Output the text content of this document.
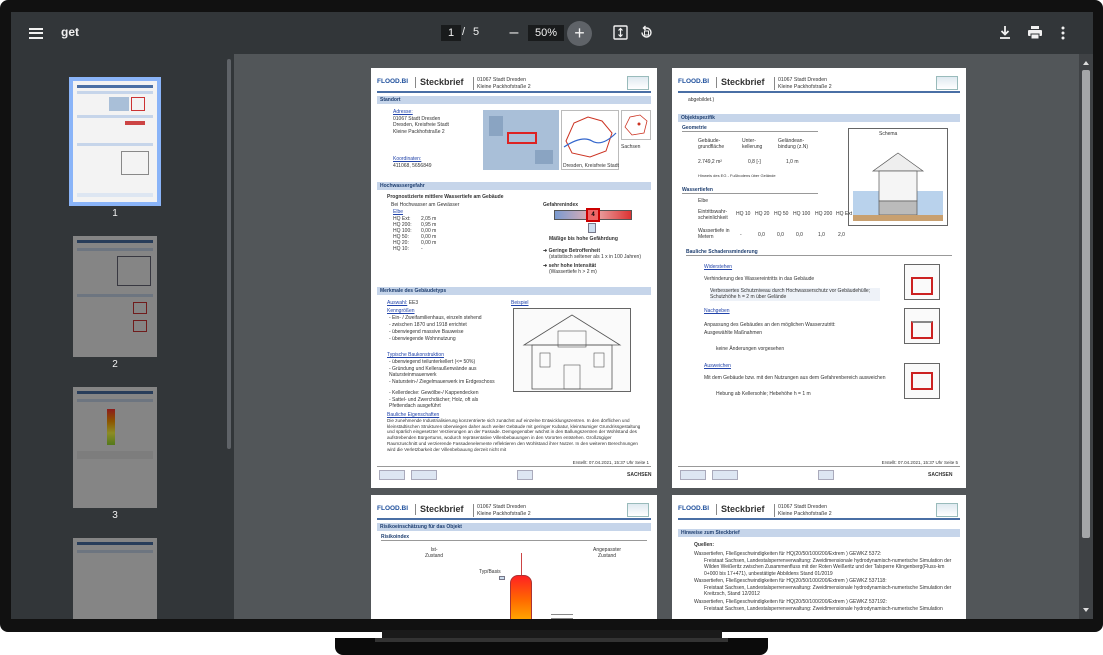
get	1 / 5 –	50% +
1
2
3
FLOOD.BI	Steckbrief	01067 Stadt Dresden
Kleine Packhofstraße 2
Standort
Adresse:
01067 Stadt Dresden
Dresden, Kreisfreie Stadt
Kleine Packhofstraße 2
Koordinaten:
411068, 5656849	Dresden, Kreisfreie Stadt
Sachsen
Hochwassergefahr
Prognostizierte mittlere Wassertiefe am Gebäude
Bei Hochwasser am Gewässer
Elbe
HQ Ext:	2,05 m
HQ 200:	0,95 m
HQ 100:	0,00 m
HQ 50:	0,00 m
HQ 20:	0,00 m
HQ 10:	-
Gefahrenindex
4
Mäßige bis hohe Gefährdung
➜ Geringe Betroffenheit
(statistisch seltener als 1 x in 100 Jahren)
➜ sehr hohe Intensität
(Wassertiefe h > 2 m)
Merkmale des Gebäudetyps
Auswahl: EE3	Beispiel
Kenngrößen
- Ein- / Zweifamilienhaus, einzeln stehend
- zwischen 1870 und 1918 errichtet
- überwiegend massive Bauweise
- überwiegende Wohnnutzung
Typische Baukonstruktion
- überwiegend teilunterkellert (<= 50%)
- Gründung und Kelleraußenwände aus Natursteinmauerwerk
- Naturstein-/ Ziegelmauerwerk im Erdgeschoss
- Kellerdecke: Gewölbe-/ Kappendecken
- Sattel- und Zwerchdächer; Holz, oft als Pfettendach ausgeführt
Bauliche Eigenschaften
Die zunehmende Industrialisierung konzentrierte sich zunächst auf einzelne Entwicklungszentren. In den dörflichen und kleinstädtischen Strukturen überwiegen daher auch weiter Gebäude mit geringer Kubatur, kleinräumiger Grundrissgestaltung und spärlich eingesetzter Verzierungen an der Fassade. Demgegenüber wächst in den Ballungszentren der Wohlstand des aufstrebenden Bürgertums, wodurch repräsentative Villenbebauungen in den Vororten entstehen. Großzügiger Raumzuschnitt und verzierende Fassadenelemente reflektieren den Wohlstand ihrer Nutzer. In den weiteren Berechnungen wird die Verletzbarkeit der Villenbebauung derzeit nicht mit
Erstellt: 07.04.2021, 15:37 Uhr Seite 1
SACHSEN
FLOOD.BI	Steckbrief	01067 Stadt Dresden
Kleine Packhofstraße 2
abgebildet.)
Objektspezifik
Geometrie
Gebäude-grundfläche
Unter-kellerung
Geländean-bindung (z.N)
2.749,2 m²	0,8 [-]	1,0 m
Hinweis des EG - Fußbodens über Gelände
Schema
Wassertiefen
Elbe
Eintrittswahr-scheinlichkeit
Wassertiefe in Metern
HQ 10 HQ 20 HQ 50 HQ 100 HQ 200 HQ Ext
-	0,0 0,0 0,0	1,0	2,0
Bauliche Schadensminderung
Widerstehen
Verhinderung des Wassereintritts in das Gebäude
Verbessertes Schutzniveau durch Hochwasserschutz vor Gebäudehülle; Schutzhöhe h = 2 m über Gelände
Nachgeben
Anpassung des Gebäudes an den möglichen Wasserzutritt:
Ausgewählte Maßnahmen
keine Änderungen vorgesehen
Ausweichen
Mit dem Gebäude bzw. mit den Nutzungen aus dem Gefahrenbereich ausweichen
Hebung ab Kellersohle; Hebehöhe h = 1 m
Erstellt: 07.04.2021, 15:37 Uhr Seite 5
SACHSEN
FLOOD.BI	Steckbrief	01067 Stadt Dresden
Kleine Packhofstraße 2
Risikoeinschätzung für das Objekt
Risikoindex
Ist-
Zustand
Angepasster
Zustand
Typ/Basis
FLOOD.BI	Steckbrief	01067 Stadt Dresden
Kleine Packhofstraße 2
Hinweise zum Steckbrief
Quellen:
Wassertiefen, Fließgeschwindigkeiten für HQ(20/50/100/200/Extrem ) GEWKZ 5372:
Freistaat Sachsen, Landestalsperrenverwaltung: Zweidimensionale hydrodynamisch-numerische Simulation der Wilden Weißeritz zwischen Zusammenfluss mit der Roten Weißeritz und der Talsperre Klingenberg(Fluss-km 0+000 bis 17+471), unbestätigte Abbildens Stand 01/2019
Wassertiefen, Fließgeschwindigkeiten für HQ(20/50/100/200/Extrem ) GEWKZ 537118:
Freistaat Sachsen, Landestalsperrenverwaltung: Zweidimensionale hydrodynamisch-numerische Simulation der Kreitzsch, Stand 12/2012
Wassertiefen, Fließgeschwindigkeiten für HQ(20/50/100/200/Extrem ) GEWKZ 537192:
Freistaat Sachsen, Landestalsperrenverwaltung: Zweidimensionale hydrodynamisch-numerische Simulation
